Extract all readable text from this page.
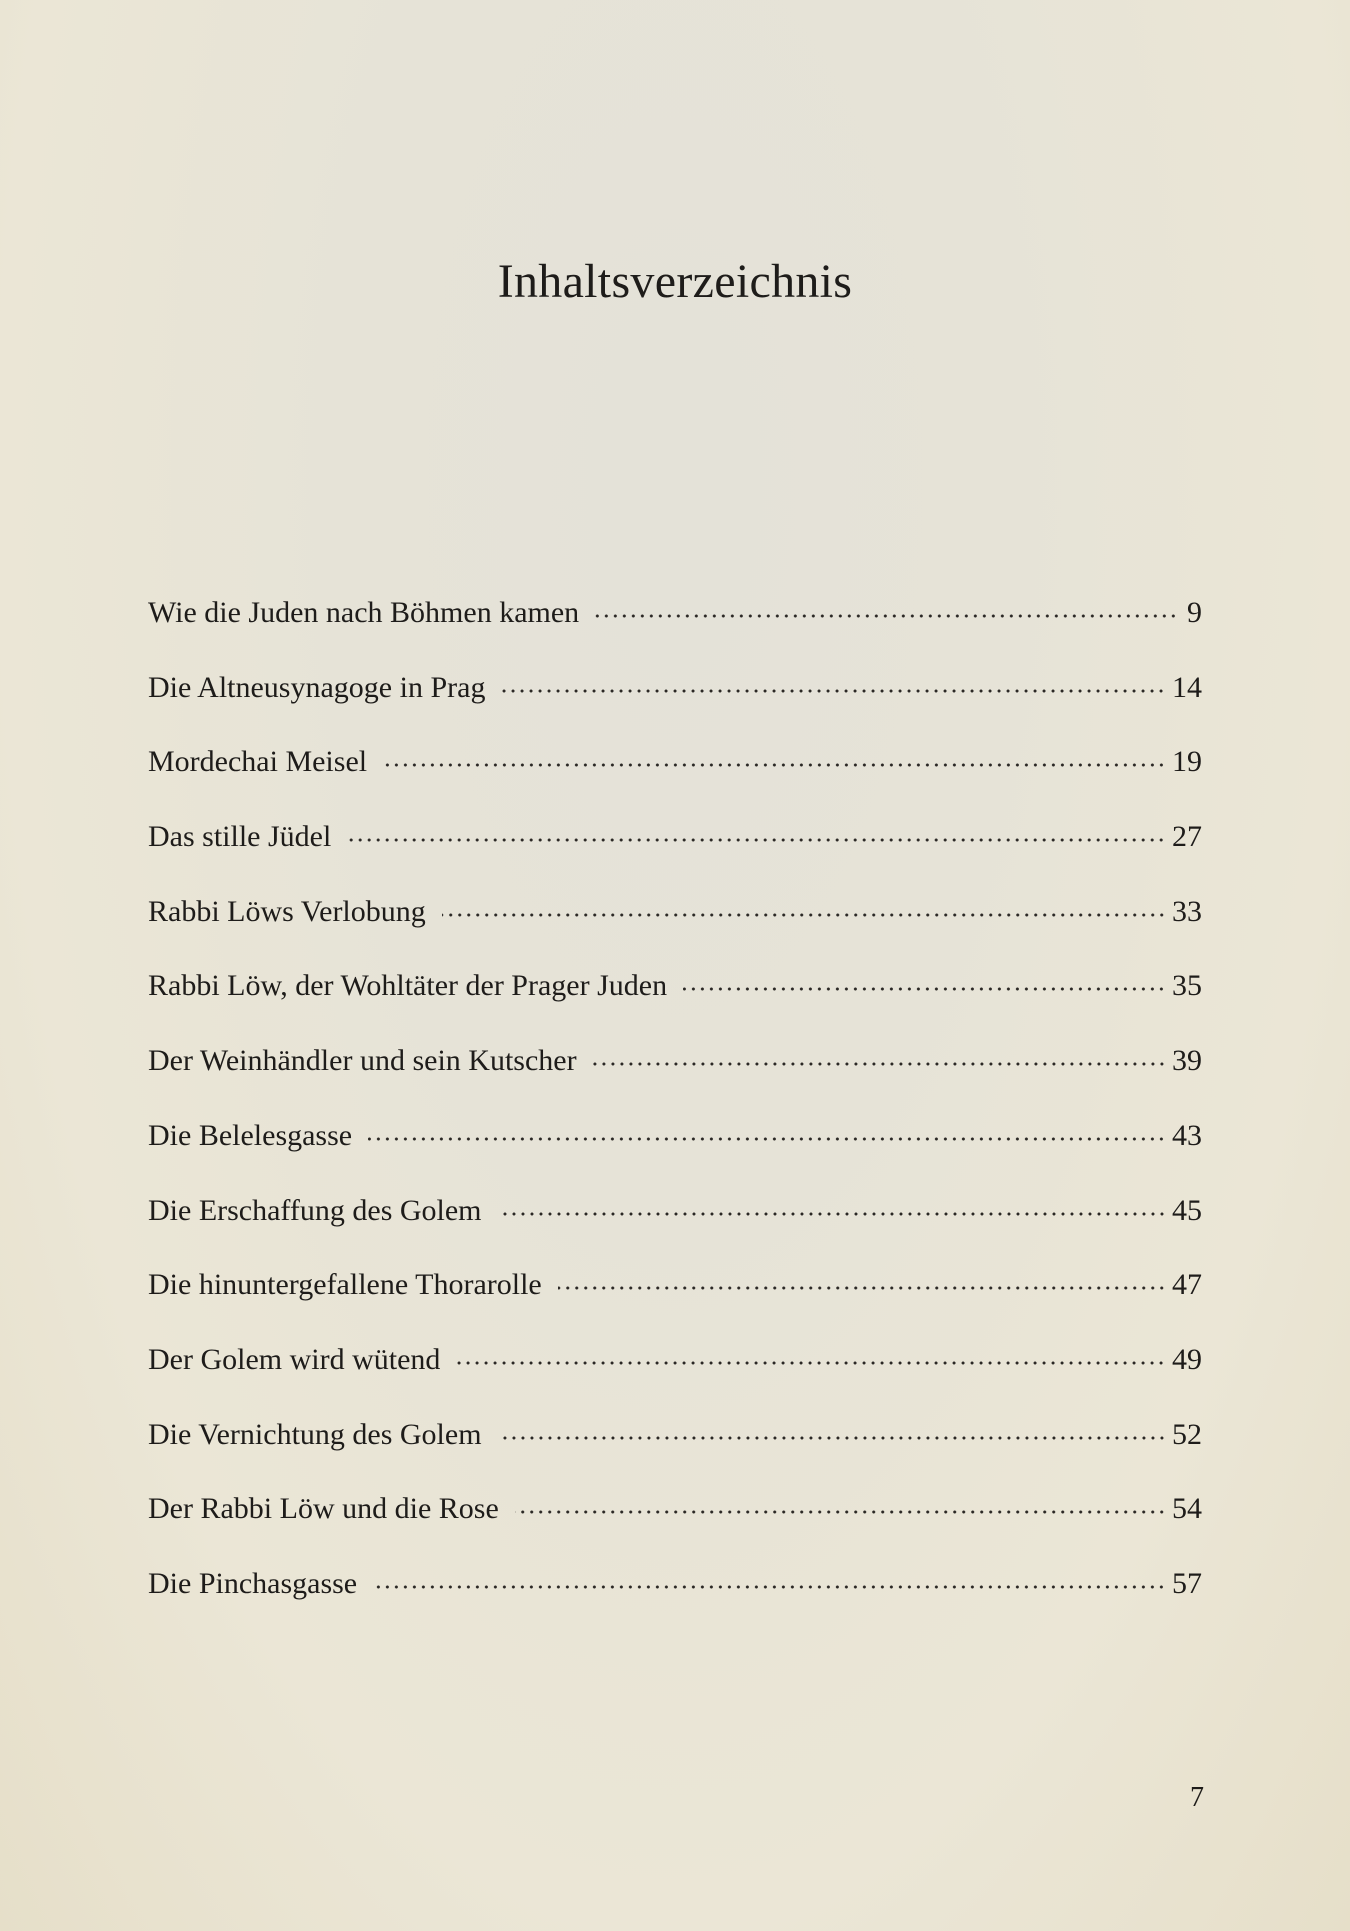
Inhaltsverzeichnis
Wie die Juden nach Böhmen kamen	9
Die Altneusynagoge in Prag	14
Mordechai Meisel	19
Das stille Jüdel	27
Rabbi Löws Verlobung	33
Rabbi Löw, der Wohltäter der Prager Juden	35
Der Weinhändler und sein Kutscher	39
Die Belelesgasse	43
Die Erschaffung des Golem	45
Die hinuntergefallene Thorarolle	47
Der Golem wird wütend	49
Die Vernichtung des Golem	52
Der Rabbi Löw und die Rose	54
Die Pinchasgasse	57
7
